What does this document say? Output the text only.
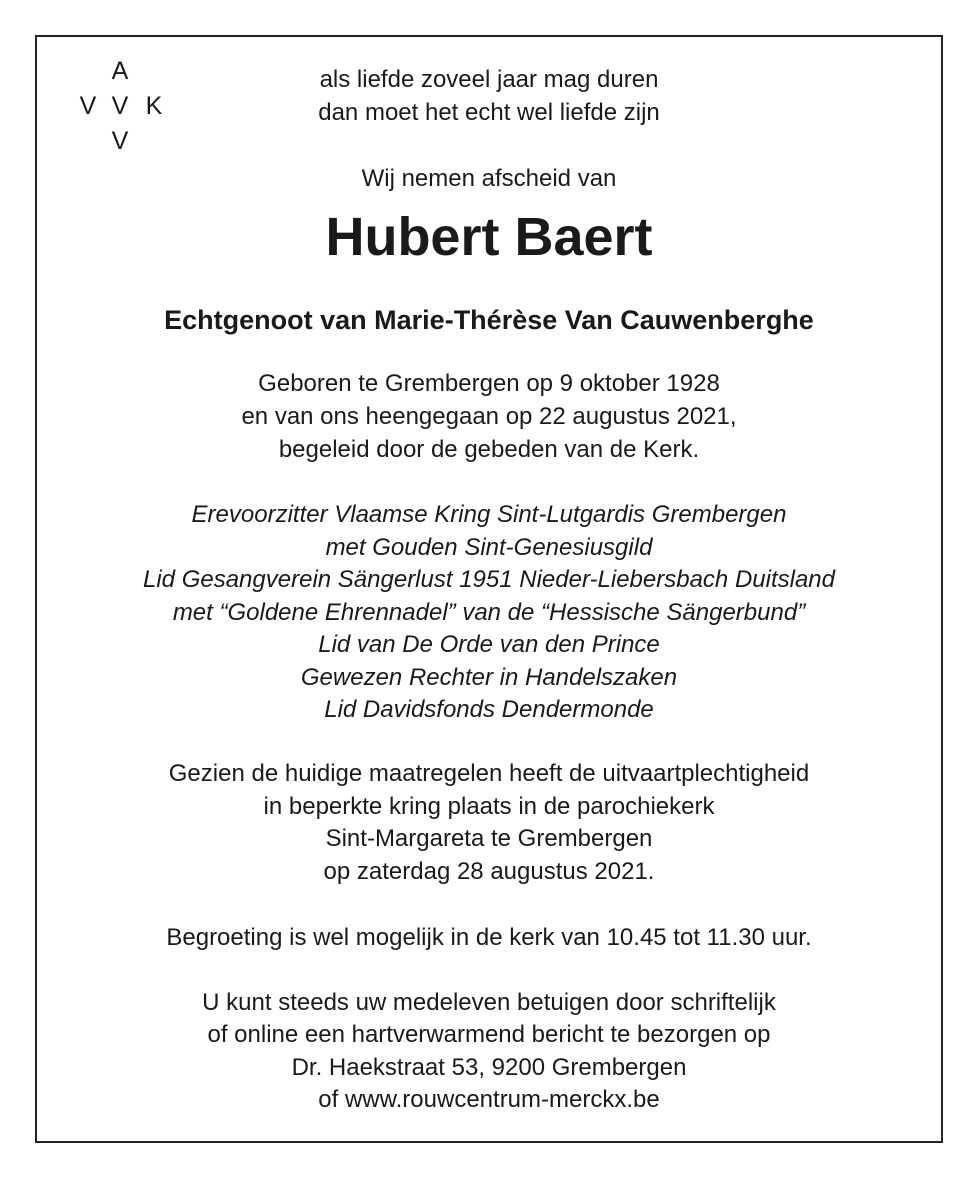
A
V V K
V
als liefde zoveel jaar mag duren
dan moet het echt wel liefde zijn
Wij nemen afscheid van
Hubert Baert
Echtgenoot van Marie-Thérèse Van Cauwenberghe
Geboren te Grembergen op 9 oktober 1928
en van ons heengegaan op 22 augustus 2021,
begeleid door de gebeden van de Kerk.
Erevoorzitter Vlaamse Kring Sint-Lutgardis Grembergen
met Gouden Sint-Genesiusgild
Lid Gesangverein Sängerlust 1951 Nieder-Liebersbach Duitsland
met “Goldene Ehrennadel” van de “Hessische Sängerbund”
Lid van De Orde van den Prince
Gewezen Rechter in Handelszaken
Lid Davidsfonds Dendermonde
Gezien de huidige maatregelen heeft de uitvaartplechtigheid
in beperkte kring plaats in de parochiekerk
Sint-Margareta te Grembergen
op zaterdag 28 augustus 2021.
Begroeting is wel mogelijk in de kerk van 10.45 tot 11.30 uur.
U kunt steeds uw medeleven betuigen door schriftelijk
of online een hartverwarmend bericht te bezorgen op
Dr. Haekstraat 53, 9200 Grembergen
of www.rouwcentrum-merckx.be
